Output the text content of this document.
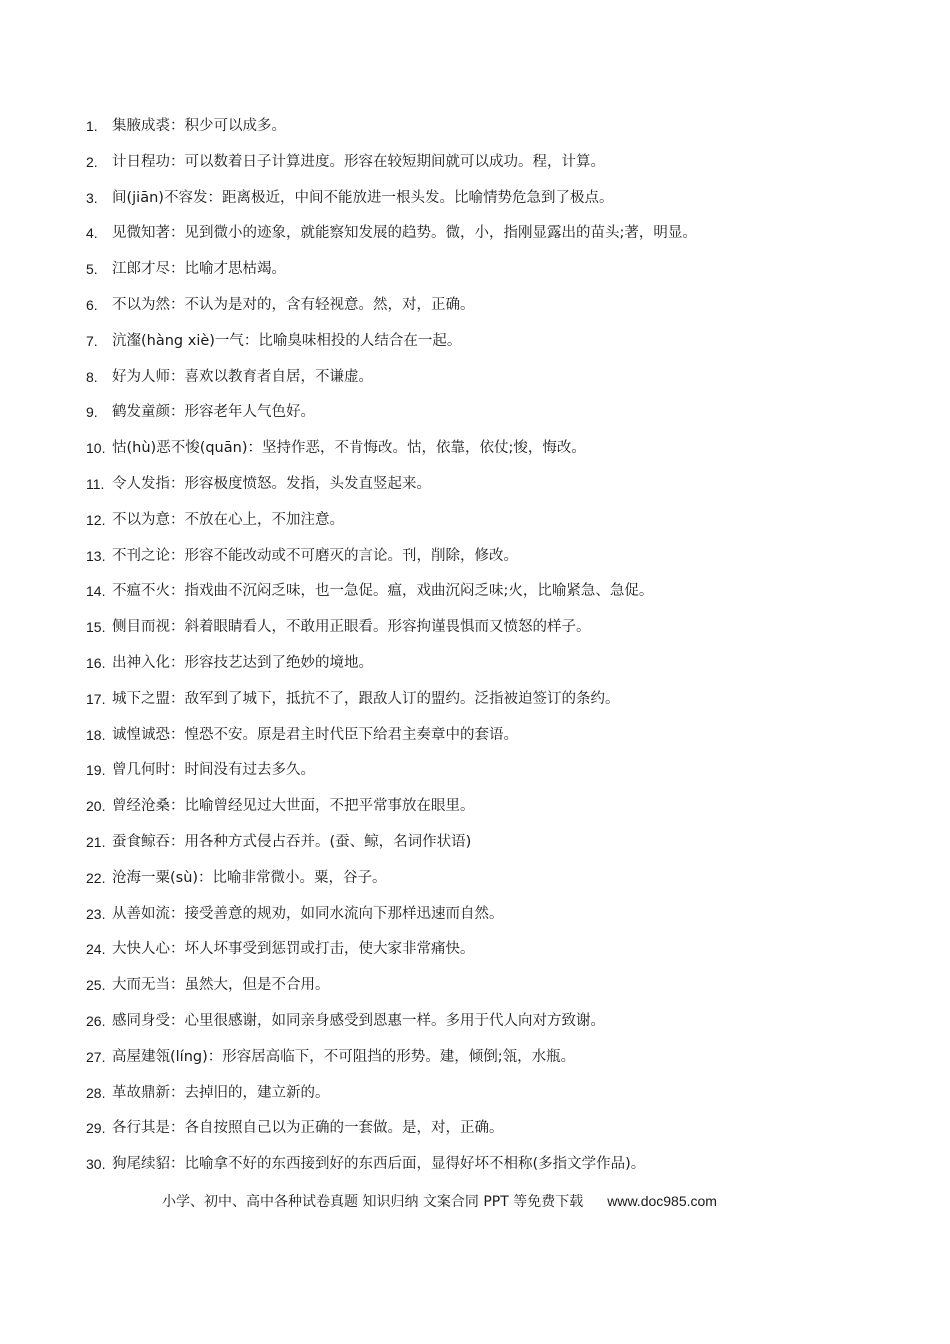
1. 集腋成裘：积少可以成多。
2. 计日程功：可以数着日子计算进度。形容在较短期间就可以成功。程，计算。
3. 间(jiān)不容发：距离极近，中间不能放进一根头发。比喻情势危急到了极点。
4. 见微知著：见到微小的迹象，就能察知发展的趋势。微，小，指刚显露出的苗头;著，明显。
5. 江郎才尽：比喻才思枯竭。
6. 不以为然：不认为是对的，含有轻视意。然，对，正确。
7. 沆瀣(hàng xiè)一气：比喻臭味相投的人结合在一起。
8. 好为人师：喜欢以教育者自居，不谦虚。
9. 鹤发童颜：形容老年人气色好。
10. 怙(hù)恶不悛(quān)：坚持作恶，不肯悔改。怙，依靠，依仗;悛，悔改。
11. 令人发指：形容极度愤怒。发指，头发直竖起来。
12. 不以为意：不放在心上，不加注意。
13. 不刊之论：形容不能改动或不可磨灭的言论。刊，削除，修改。
14. 不瘟不火：指戏曲不沉闷乏味，也一急促。瘟，戏曲沉闷乏味;火，比喻紧急、急促。
15. 侧目而视：斜着眼睛看人，不敢用正眼看。形容拘谨畏惧而又愤怒的样子。
16. 出神入化：形容技艺达到了绝妙的境地。
17. 城下之盟：敌军到了城下，抵抗不了，跟敌人订的盟约。泛指被迫签订的条约。
18. 诚惶诚恐：惶恐不安。原是君主时代臣下给君主奏章中的套语。
19. 曾几何时：时间没有过去多久。
20. 曾经沧桑：比喻曾经见过大世面，不把平常事放在眼里。
21. 蚕食鲸吞：用各种方式侵占吞并。(蚕、鲸，名词作状语)
22. 沧海一粟(sù)：比喻非常微小。粟，谷子。
23. 从善如流：接受善意的规劝，如同水流向下那样迅速而自然。
24. 大快人心：坏人坏事受到惩罚或打击，使大家非常痛快。
25. 大而无当：虽然大，但是不合用。
26. 感同身受：心里很感谢，如同亲身感受到恩惠一样。多用于代人向对方致谢。
27. 高屋建瓴(líng)：形容居高临下，不可阻挡的形势。建，倾倒;瓴，水瓶。
28. 革故鼎新：去掉旧的，建立新的。
29. 各行其是：各自按照自己以为正确的一套做。是，对，正确。
30. 狗尾续貂：比喻拿不好的东西接到好的东西后面，显得好坏不相称(多指文学作品)。
小学、初中、高中各种试卷真题 知识归纳 文案合同 PPT 等免费下载 www.doc985.com
